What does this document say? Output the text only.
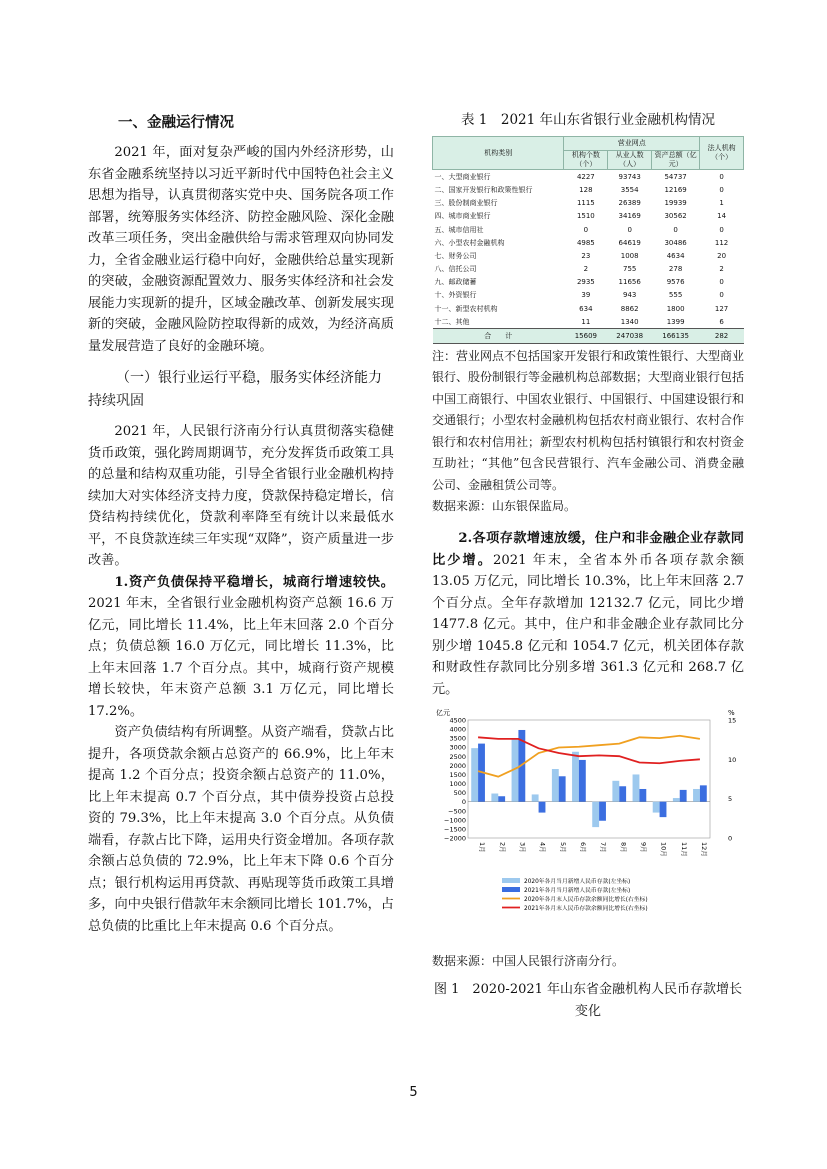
一、金融运行情况

2021 年，面对复杂严峻的国内外经济形势，山东省金融系统坚持以习近平新时代中国特色社会主义思想为指导，认真贯彻落实党中央、国务院各项工作部署，统筹服务实体经济、防控金融风险、深化金融改革三项任务，突出金融供给与需求管理双向协同发力，全省金融业运行稳中向好，金融供给总量实现新的突破，金融资源配置效力、服务实体经济和社会发展能力实现新的提升，区域金融改革、创新发展实现新的突破，金融风险防控取得新的成效，为经济高质量发展营造了良好的金融环境。

（一）银行业运行平稳，服务实体经济能力持续巩固

2021 年，人民银行济南分行认真贯彻落实稳健货币政策，强化跨周期调节，充分发挥货币政策工具的总量和结构双重功能，引导全省银行业金融机构持续加大对实体经济支持力度，贷款保持稳定增长，信贷结构持续优化，贷款利率降至有统计以来最低水平，不良贷款连续三年实现“双降”，资产质量进一步改善。

1.资产负债保持平稳增长，城商行增速较快。2021 年末，全省银行业金融机构资产总额 16.6 万亿元，同比增长 11.4%，比上年末回落 2.0 个百分点；负债总额 16.0 万亿元，同比增长 11.3%，比上年末回落 1.7 个百分点。其中，城商行资产规模增长较快，年末资产总额 3.1 万亿元，同比增长 17.2%。

资产负债结构有所调整。从资产端看，贷款占比提升，各项贷款余额占总资产的 66.9%，比上年末提高 1.2 个百分点；投资余额占总资产的 11.0%，比上年末提高 0.7 个百分点，其中债券投资占总投资的 79.3%，比上年末提高 3.0 个百分点。从负债端看，存款占比下降，运用央行资金增加。各项存款余额占总负债的 72.9%，比上年末下降 0.6 个百分点；银行机构运用再贷款、再贴现等货币政策工具增多，向中央银行借款年末余额同比增长 101.7%，占总负债的比重比上年末提高 0.6 个百分点。

表 1　2021 年山东省银行业金融机构情况
机构类别	营业网点			法人机构（个）
	机构个数（个）	从业人数（人）	资产总额（亿元）	
一、大型商业银行	4227	93743	54737	0
二、国家开发银行和政策性银行	128	3554	12169	0
三、股份制商业银行	1115	26389	19939	1
四、城市商业银行	1510	34169	30562	14
五、城市信用社	0	0	0	0
六、小型农村金融机构	4985	64619	30486	112
七、财务公司	23	1008	4634	20
八、信托公司	2	755	278	2
九、邮政储蓄	2935	11656	9576	0
十、外资银行	39	943	555	0
十一、新型农村机构	634	8862	1800	127
十二、其他	11	1340	1399	6
合　　计	15609	247038	166135	282

注：营业网点不包括国家开发银行和政策性银行、大型商业银行、股份制银行等金融机构总部数据；大型商业银行包括中国工商银行、中国农业银行、中国银行、中国建设银行和交通银行；小型农村金融机构包括农村商业银行、农村合作银行和农村信用社；新型农村机构包括村镇银行和农村资金互助社；“其他”包含民营银行、汽车金融公司、消费金融公司、金融租赁公司等。

数据来源：山东银保监局。

2.各项存款增速放缓，住户和非金融企业存款同比少增。2021 年末，全省本外币各项存款余额 13.05 万亿元，同比增长 10.3%，比上年末回落 2.7 个百分点。全年存款增加 12132.7 亿元，同比少增 1477.8 亿元。其中，住户和非金融企业存款同比分别少增 1045.8 亿元和 1054.7 亿元，机关团体存款和财政性存款同比分别多增 361.3 亿元和 268.7 亿元。

亿元	%
4500
4000
3500
3000
2500
2000
1500
1000
500
0
−500
−1000
−1500
−2000
15
10
5
0
1月 2月 3月 4月 5月 6月 7月 8月 9月 10月 11月 12月
2020年各月当月新增人民币存款(左坐标)
2021年各月当月新增人民币存款(左坐标)
2020年各月末人民币存款余额同比增长(右坐标)
2021年各月末人民币存款余额同比增长(右坐标)
数据来源：中国人民银行济南分行。
图 1　2020-2021 年山东省金融机构人民币存款增长变化
5
